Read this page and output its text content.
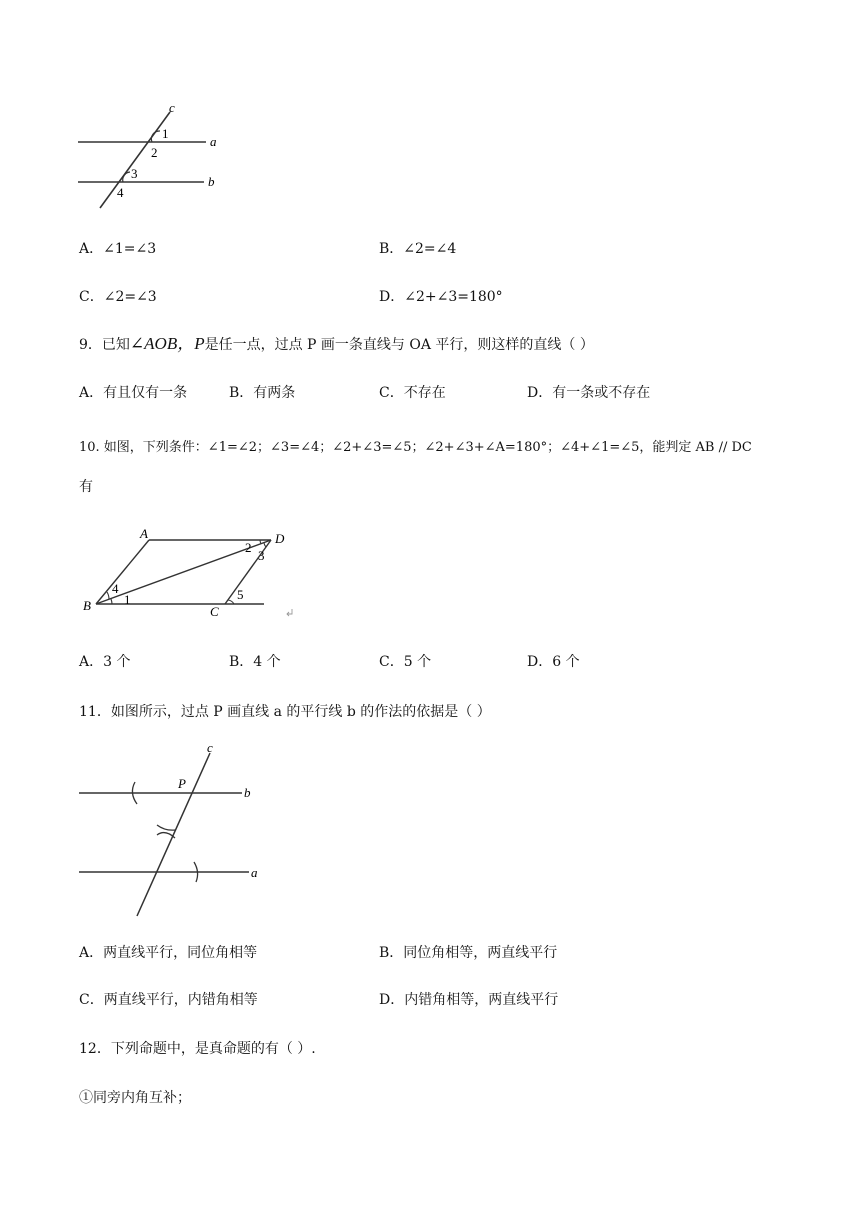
c
a
b
1
2
3
4
A．∠1=∠3	B．∠2=∠4
C．∠2=∠3	D．∠2+∠3=180°
9．已知 ∠AOB，P 是任一点，过点 P 画一条直线与 OA 平行，则这样的直线（ ）
A．有且仅有一条	B．有两条	C．不存在	D．有一条或不存在
10. 如图，下列条件：∠1=∠2；∠3=∠4；∠2+∠3=∠5；∠2+∠3+∠A=180°；∠4+∠1=∠5，能判定 AB // DC
有
A	D
B	C
2
3
4
1	5
A．3 个	B．4 个	C．5 个	D．6 个
11．如图所示，过点 P 画直线 a 的平行线 b 的作法的依据是（ ）
c
P
b
a
A．两直线平行，同位角相等	B．同位角相等，两直线平行
C．两直线平行，内错角相等	D．内错角相等，两直线平行
12．下列命题中，是真命题的有（ ）.
①同旁内角互补；
